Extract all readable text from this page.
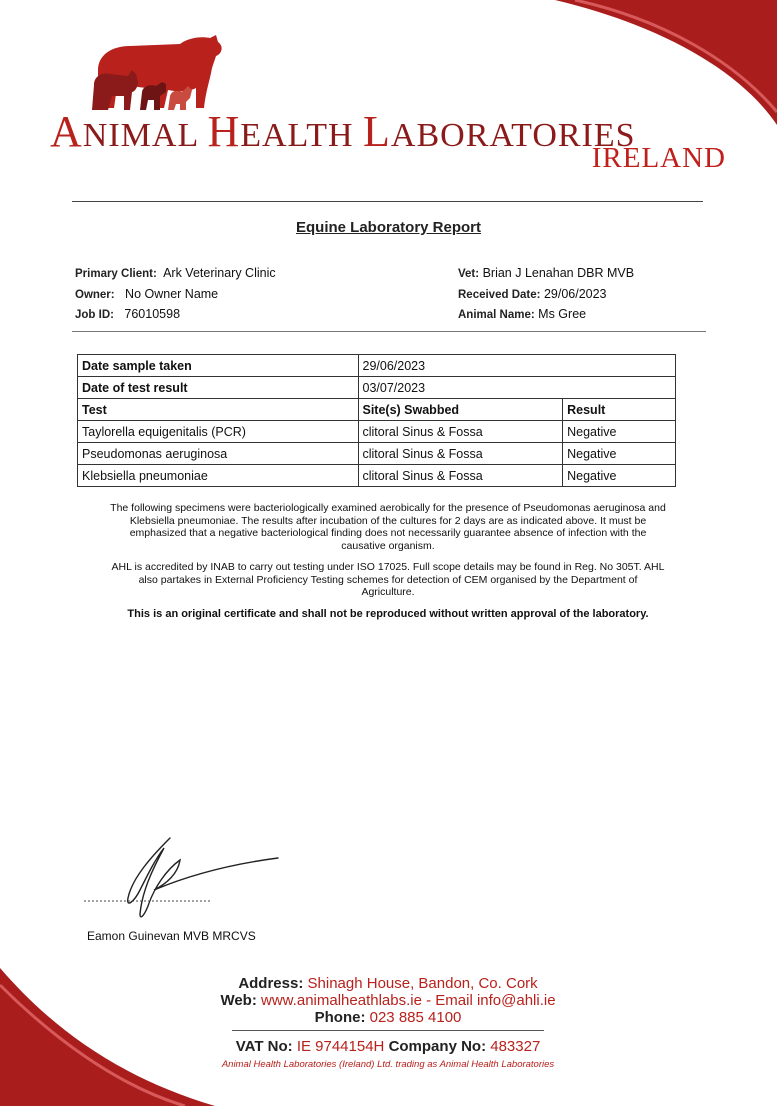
ANIMAL HEALTH LABORATORIES
IRELAND
Equine Laboratory Report
Primary Client: Ark Veterinary Clinic
Owner: No Owner Name
Job ID: 76010598
Vet: Brian J Lenahan DBR MVB
Received Date: 29/06/2023
Animal Name: Ms Gree
Date sample taken	29/06/2023	
Date of test result	03/07/2023	
Test	Site(s) Swabbed	Result
Taylorella equigenitalis (PCR)	clitoral Sinus & Fossa	Negative
Pseudomonas aeruginosa	clitoral Sinus & Fossa	Negative
Klebsiella pneumoniae	clitoral Sinus & Fossa	Negative
The following specimens were bacteriologically examined aerobically for the presence of Pseudomonas aeruginosa and
Klebsiella pneumoniae. The results after incubation of the cultures for 2 days are as indicated above. It must be
emphasized that a negative bacteriological finding does not necessarily guarantee absence of infection with the
causative organism.
AHL is accredited by INAB to carry out testing under ISO 17025. Full scope details may be found in Reg. No 305T. AHL
also partakes in External Proficiency Testing schemes for detection of CEM organised by the Department of
Agriculture.
This is an original certificate and shall not be reproduced without written approval of the laboratory.
Eamon Guinevan MVB MRCVS
Address: Shinagh House, Bandon, Co. Cork
Web: www.animalheathlabs.ie - Email info@ahli.ie
Phone: 023 885 4100
VAT No: IE 9744154H Company No: 483327
Animal Health Laboratories (Ireland) Ltd. trading as Animal Health Laboratories
